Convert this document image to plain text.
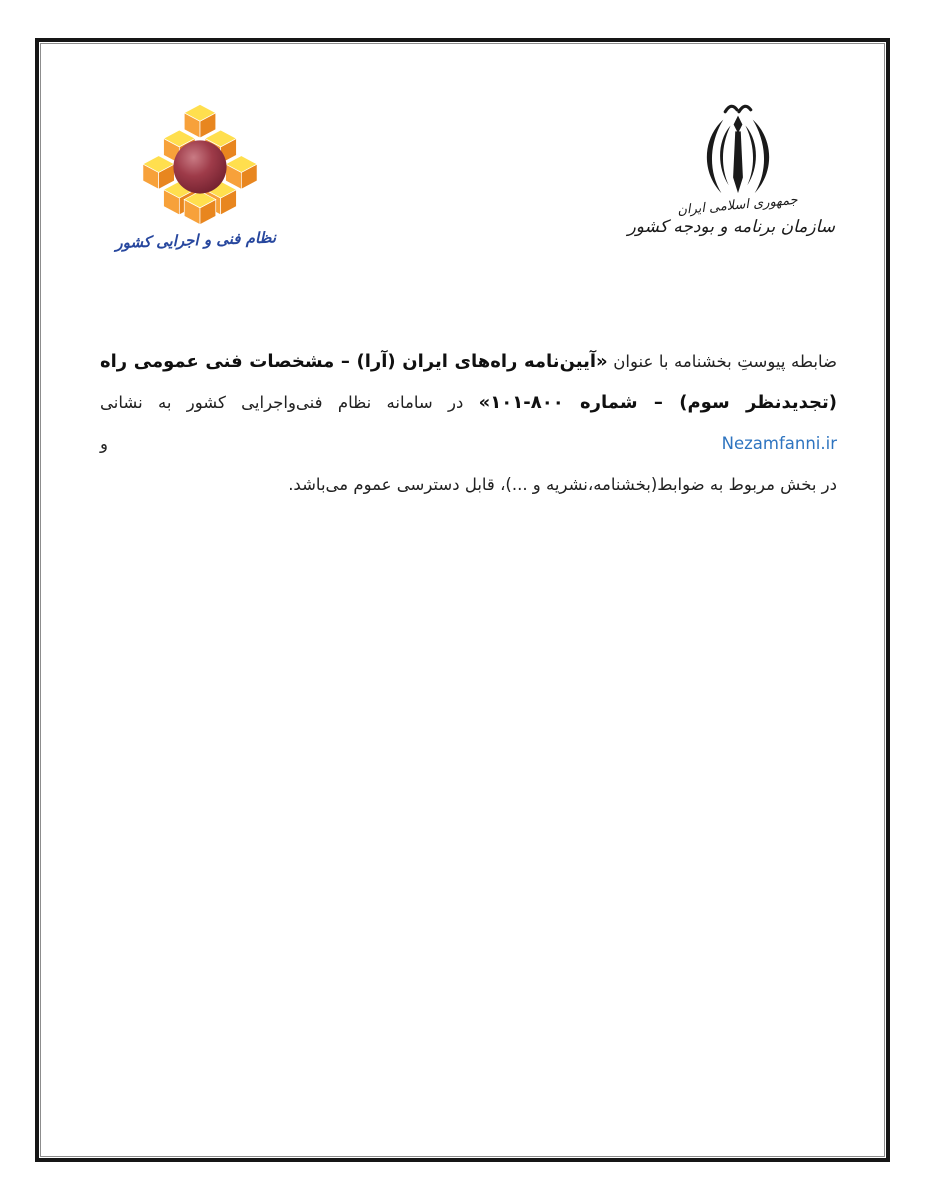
نظام فنی و اجرایی کشور
جمهوری اسلامی ایران
سازمان برنامه و بودجه کشور
ضابطه پیوستِ بخشنامه با عنوان «آیین‌نامه راه‌های ایران (آرا) – مشخصات فنی عمومی راه
(تجدیدنظر سوم) – شماره ۸۰۰-۱۰۱» در سامانه نظام فنی‌واجرایی کشور به نشانی Nezamfanni.ir و
در بخش مربوط به ضوابط(بخشنامه،نشریه و ...)، قابل دسترسی عموم می‌باشد.
